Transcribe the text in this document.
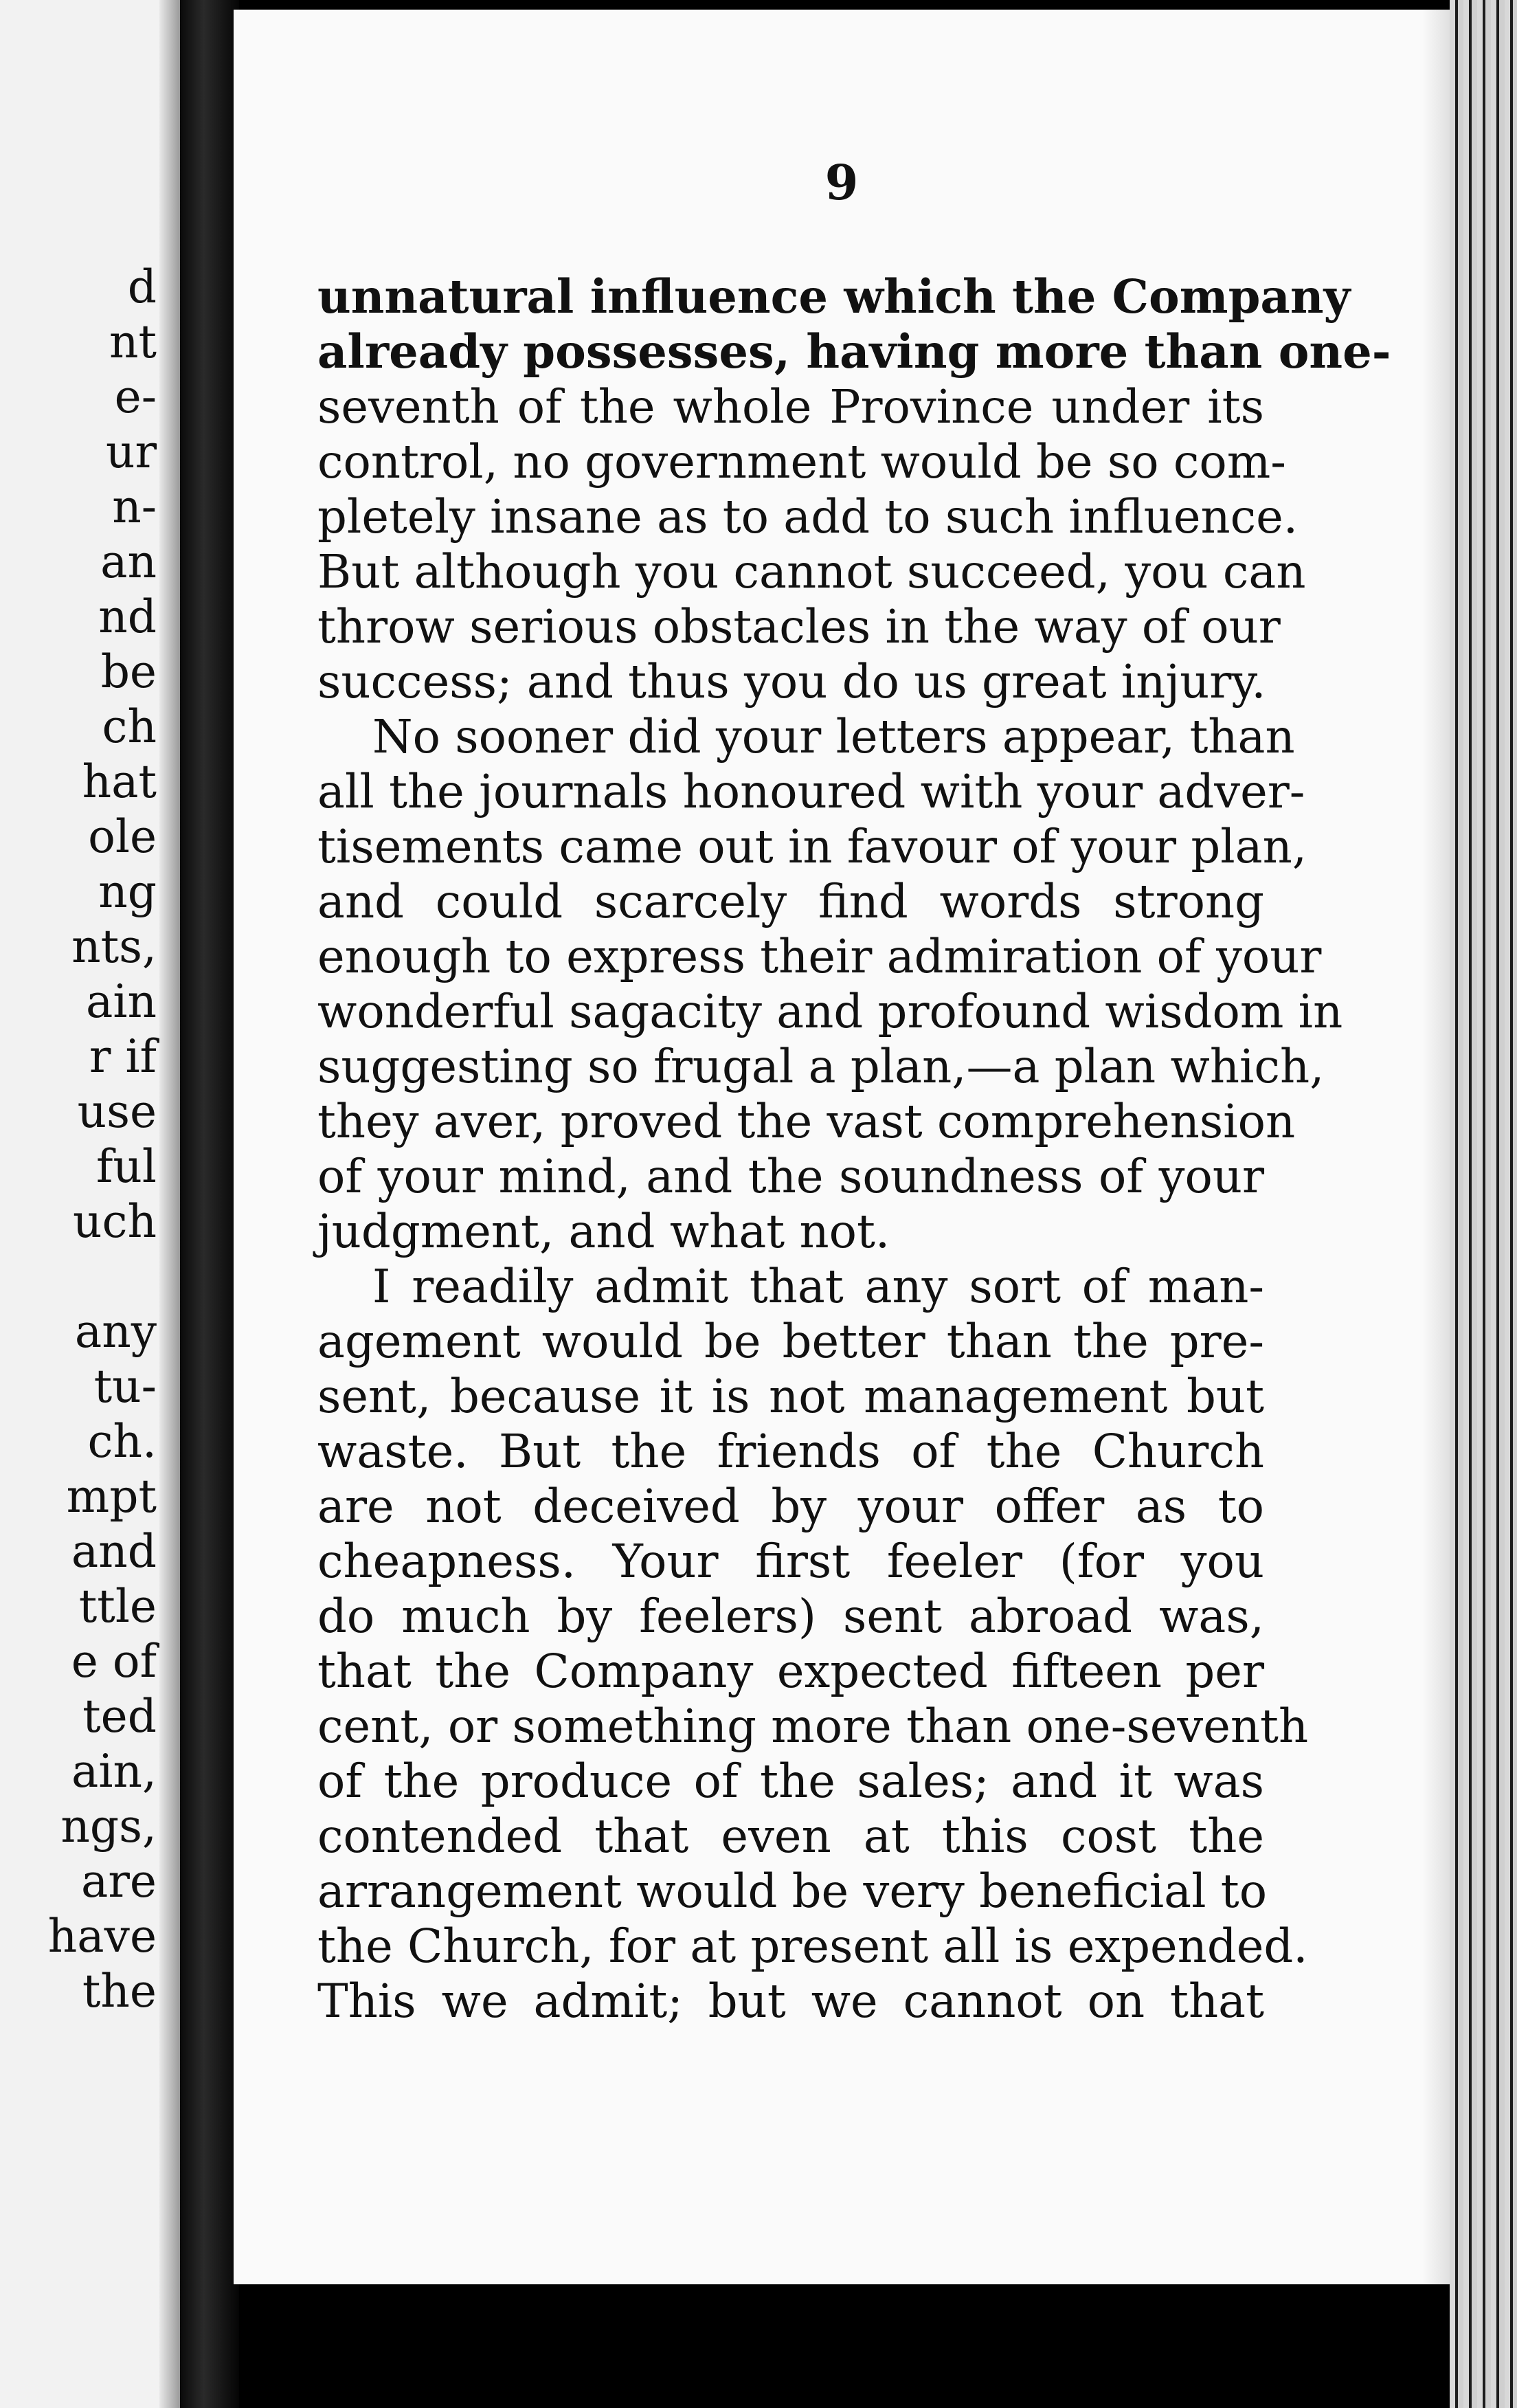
d
nt
e-
ur
n-
an
nd
be
ch
hat
ole
ng
nts,
ain
r if
use
ful
uch
any
tu-
ch.
mpt
and
ttle
e of
ted
ain,
ngs,
are
have
the
9
unnatural influence which the Company
already possesses, having more than one-
seventh of the whole Province under its
control, no government would be so com-
pletely insane as to add to such influence.
But although you cannot succeed, you can
throw serious obstacles in the way of our
success; and thus you do us great injury.
No sooner did your letters appear, than
all the journals honoured with your adver-
tisements came out in favour of your plan,
and could scarcely find words strong
enough to express their admiration of your
wonderful sagacity and profound wisdom in
suggesting so frugal a plan,—a plan which,
they aver, proved the vast comprehension
of your mind, and the soundness of your
judgment, and what not.
I readily admit that any sort of man-
agement would be better than the pre-
sent, because it is not management but
waste. But the friends of the Church
are not deceived by your offer as to
cheapness. Your first feeler (for you
do much by feelers) sent abroad was,
that the Company expected fifteen per
cent, or something more than one-seventh
of the produce of the sales; and it was
contended that even at this cost the
arrangement would be very beneficial to
the Church, for at present all is expended.
This we admit; but we cannot on that
